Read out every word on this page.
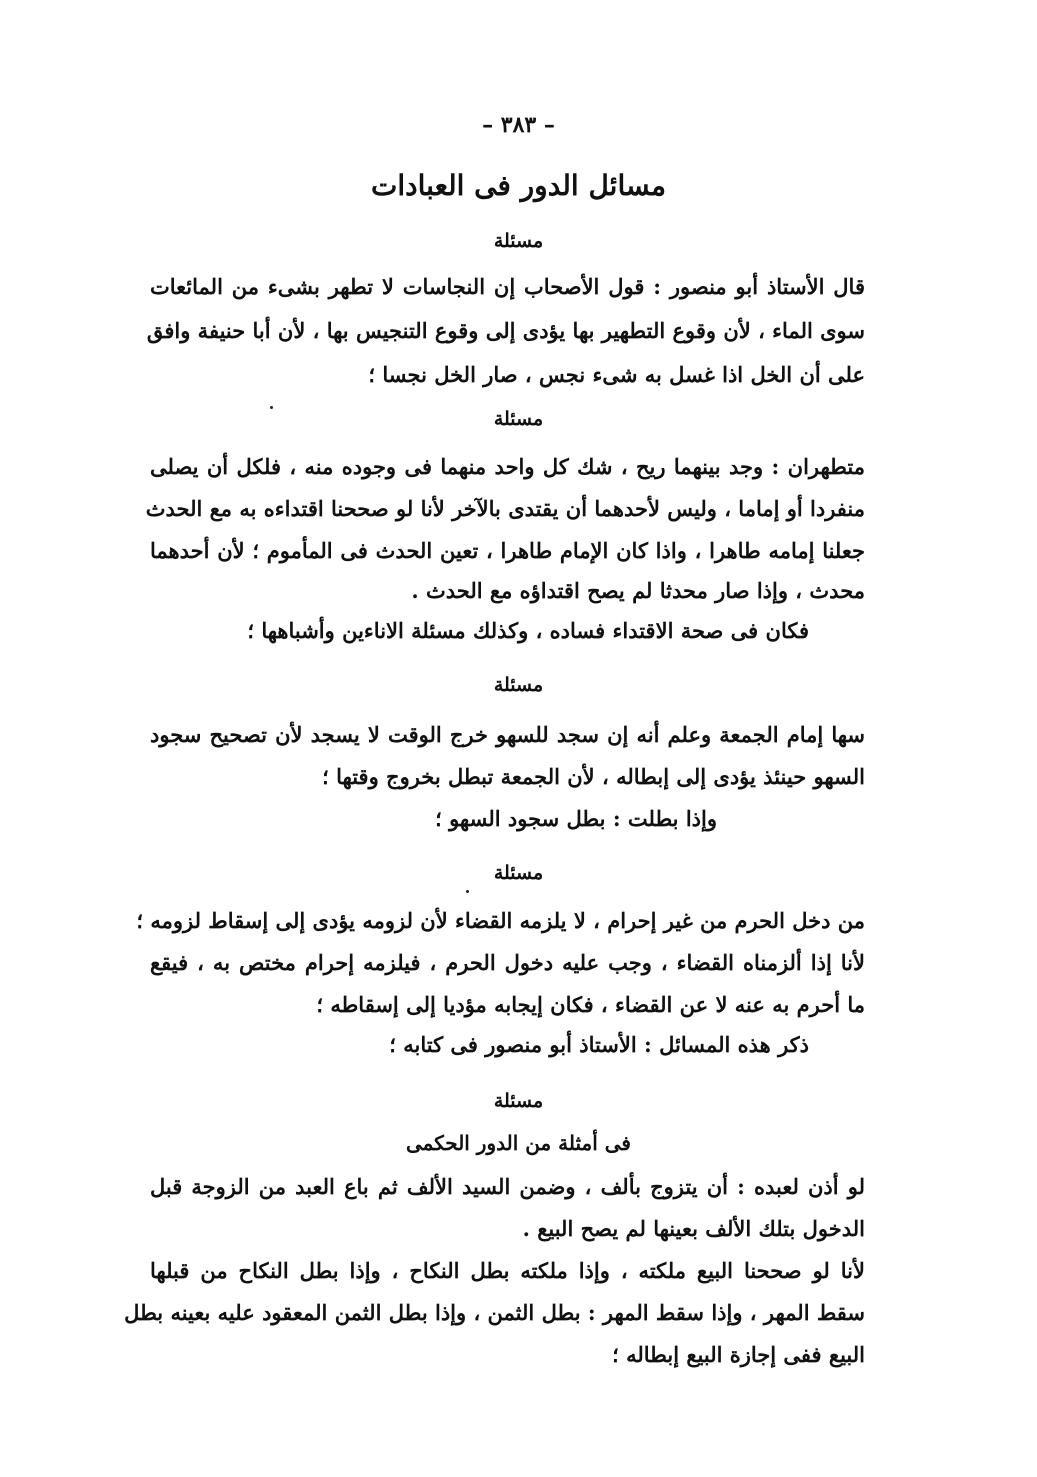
– ٣٨٣ –
مسائل الدور فى العبادات
مسئلة
قال الأستاذ أبو منصور : قول الأصحاب إن النجاسات لا تطهر بشىء من المائعات
سوى الماء ، لأن وقوع التطهير بها يؤدى إلى وقوع التنجيس بها ، لأن أبا حنيفة وافق
على أن الخل اذا غسل به شىء نجس ، صار الخل نجسا ؛
مسئلة
متطهران : وجد بينهما ريح ، شك كل واحد منهما فى وجوده منه ، فلكل أن يصلى
منفردا أو إماما ، وليس لأحدهما أن يقتدى بالآخر لأنا لو صححنا اقتداءه به مع الحدث
جعلنا إمامه طاهرا ، واذا كان الإمام طاهرا ، تعين الحدث فى المأموم ؛ لأن أحدهما
محدث ، وإذا صار محدثا لم يصح اقتداؤه مع الحدث .
فكان فى صحة الاقتداء فساده ، وكذلك مسئلة الاناءين وأشباهها ؛
مسئلة
سها إمام الجمعة وعلم أنه إن سجد للسهو خرج الوقت لا يسجد لأن تصحيح سجود
السهو حينئذ يؤدى إلى إبطاله ، لأن الجمعة تبطل بخروج وقتها ؛
وإذا بطلت : بطل سجود السهو ؛
مسئلة
من دخل الحرم من غير إحرام ، لا يلزمه القضاء لأن لزومه يؤدى إلى إسقاط لزومه ؛
لأنا إذا ألزمناه القضاء ، وجب عليه دخول الحرم ، فيلزمه إحرام مختص به ، فيقع
ما أحرم به عنه لا عن القضاء ، فكان إيجابه مؤديا إلى إسقاطه ؛
ذكر هذه المسائل : الأستاذ أبو منصور فى كتابه ؛
مسئلة
فى أمثلة من الدور الحكمى
لو أذن لعبده : أن يتزوج بألف ، وضمن السيد الألف ثم باع العبد من الزوجة قبل
الدخول بتلك الألف بعينها لم يصح البيع .
لأنا لو صححنا البيع ملكته ، وإذا ملكته بطل النكاح ، وإذا بطل النكاح من قبلها
سقط المهر ، وإذا سقط المهر : بطل الثمن ، وإذا بطل الثمن المعقود عليه بعينه بطل
البيع ففى إجازة البيع إبطاله ؛
